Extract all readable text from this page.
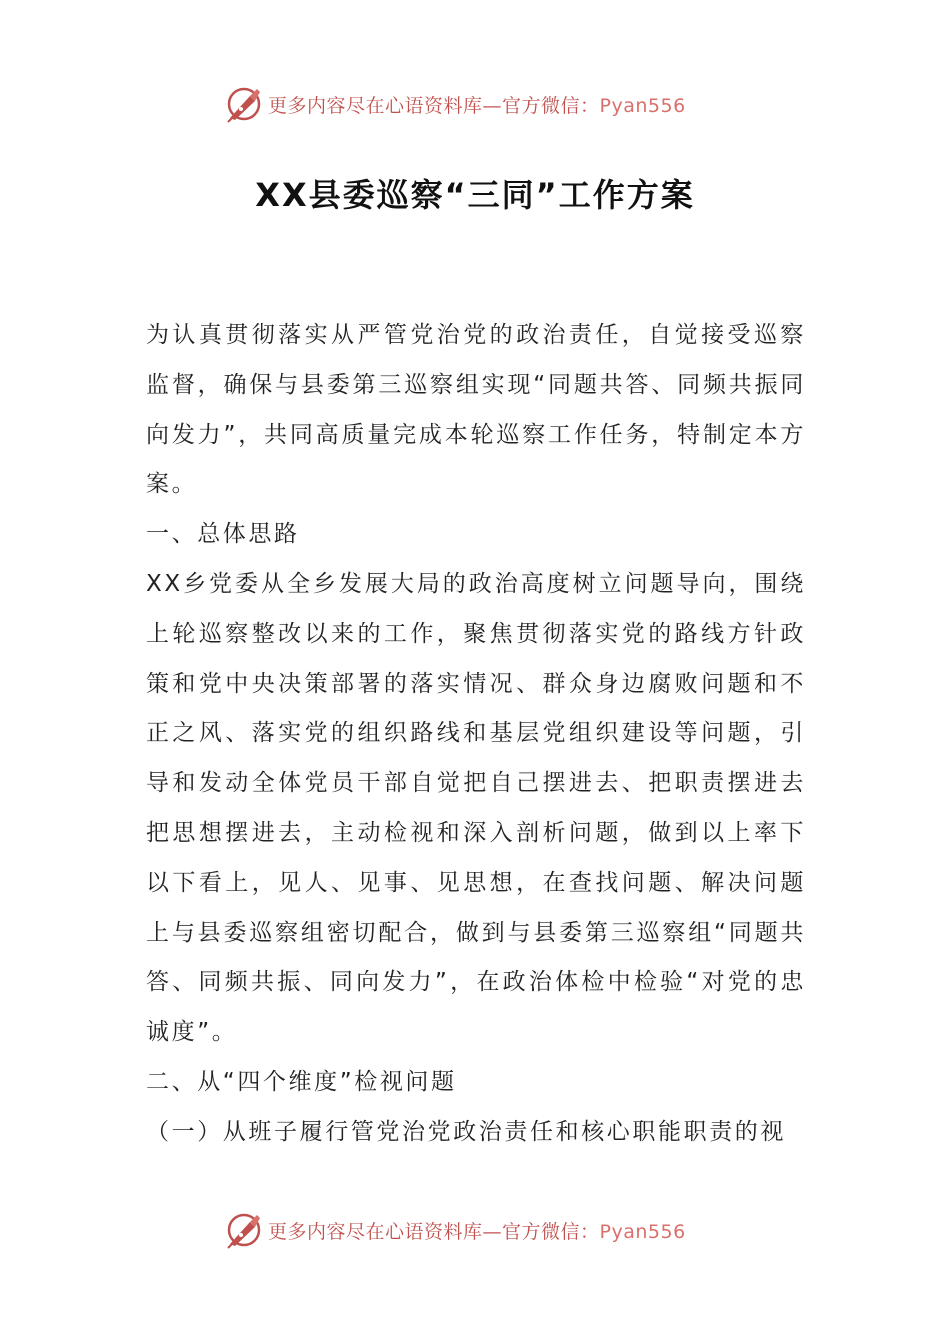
更多内容尽在心语资料库—官方微信：Pyan556
XX县委巡察“三同”工作方案

为认真贯彻落实从严管党治党的政治责任，自觉接受巡察监督，确保与县委第三巡察组实现“同题共答、同频共振同向发力”，共同高质量完成本轮巡察工作任务，特制定本方案。

一、总体思路

XX乡党委从全乡发展大局的政治高度树立问题导向，围绕上轮巡察整改以来的工作，聚焦贯彻落实党的路线方针政策和党中央决策部署的落实情况、群众身边腐败问题和不正之风、落实党的组织路线和基层党组织建设等问题，引导和发动全体党员干部自觉把自己摆进去、把职责摆进去把思想摆进去，主动检视和深入剖析问题，做到以上率下以下看上，见人、见事、见思想，在查找问题、解决问题上与县委巡察组密切配合，做到与县委第三巡察组“同题共答、同频共振、同向发力”，在政治体检中检验“对党的忠诚度”。

二、从“四个维度”检视问题

（一）从班子履行管党治党政治责任和核心职能职责的视

更多内容尽在心语资料库—官方微信：Pyan556
